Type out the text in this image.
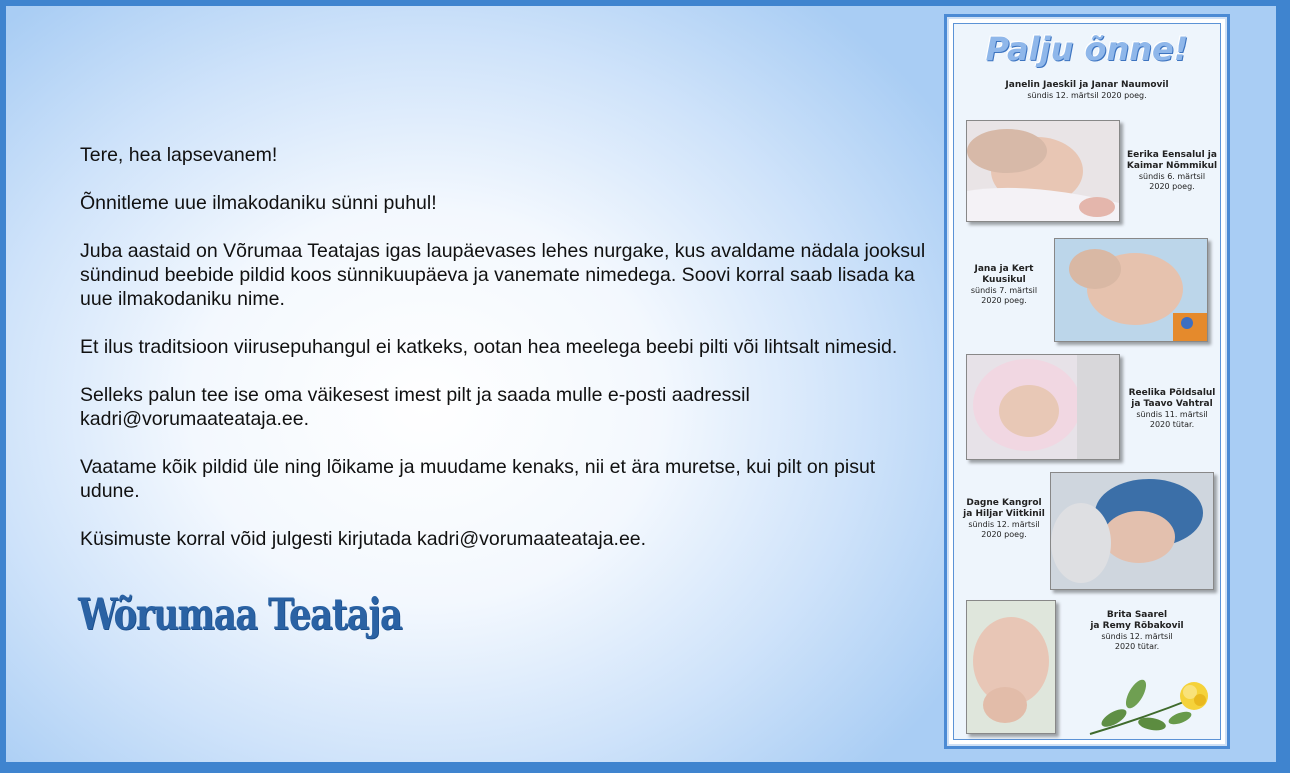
Tere, hea lapsevanem!

Õnnitleme uue ilmakodaniku sünni puhul!

Juba aastaid on Võrumaa Teatajas igas laupäevases lehes nurgake, kus avaldame nädala jooksul sündinud beebide pildid koos sünnikuupäeva ja vanemate nimedega. Soovi korral saab lisada ka uue ilmakodaniku nime.

Et ilus traditsioon viirusepuhangul ei katkeks, ootan hea meelega beebi pilti või lihtsalt nimesid.

Selleks palun tee ise oma väikesest imest pilt ja saada mulle e-posti aadressil kadri@vorumaateataja.ee.

Vaatame kõik pildid üle ning lõikame ja muudame kenaks, nii et ära muretse, kui pilt on pisut udune.

Küsimuste korral võid julgesti kirjutada kadri@vorumaateataja.ee.

Wõrumaa Teataja
Palju õnne!
Janelin Jaeskil ja Janar Naumovil
sündis 12. märtsil 2020 poeg.
Eerika Eensalul ja
Kaimar Nõmmikul
sündis 6. märtsil
2020 poeg.
Jana ja Kert
Kuusikul
sündis 7. märtsil
2020 poeg.
Reelika Põldsalul
ja Taavo Vahtral
sündis 11. märtsil
2020 tütar.
Dagne Kangrol
ja Hiljar Viitkinil
sündis 12. märtsil
2020 poeg.
Brita Saarel
ja Remy Rõbakovil
sündis 12. märtsil
2020 tütar.
